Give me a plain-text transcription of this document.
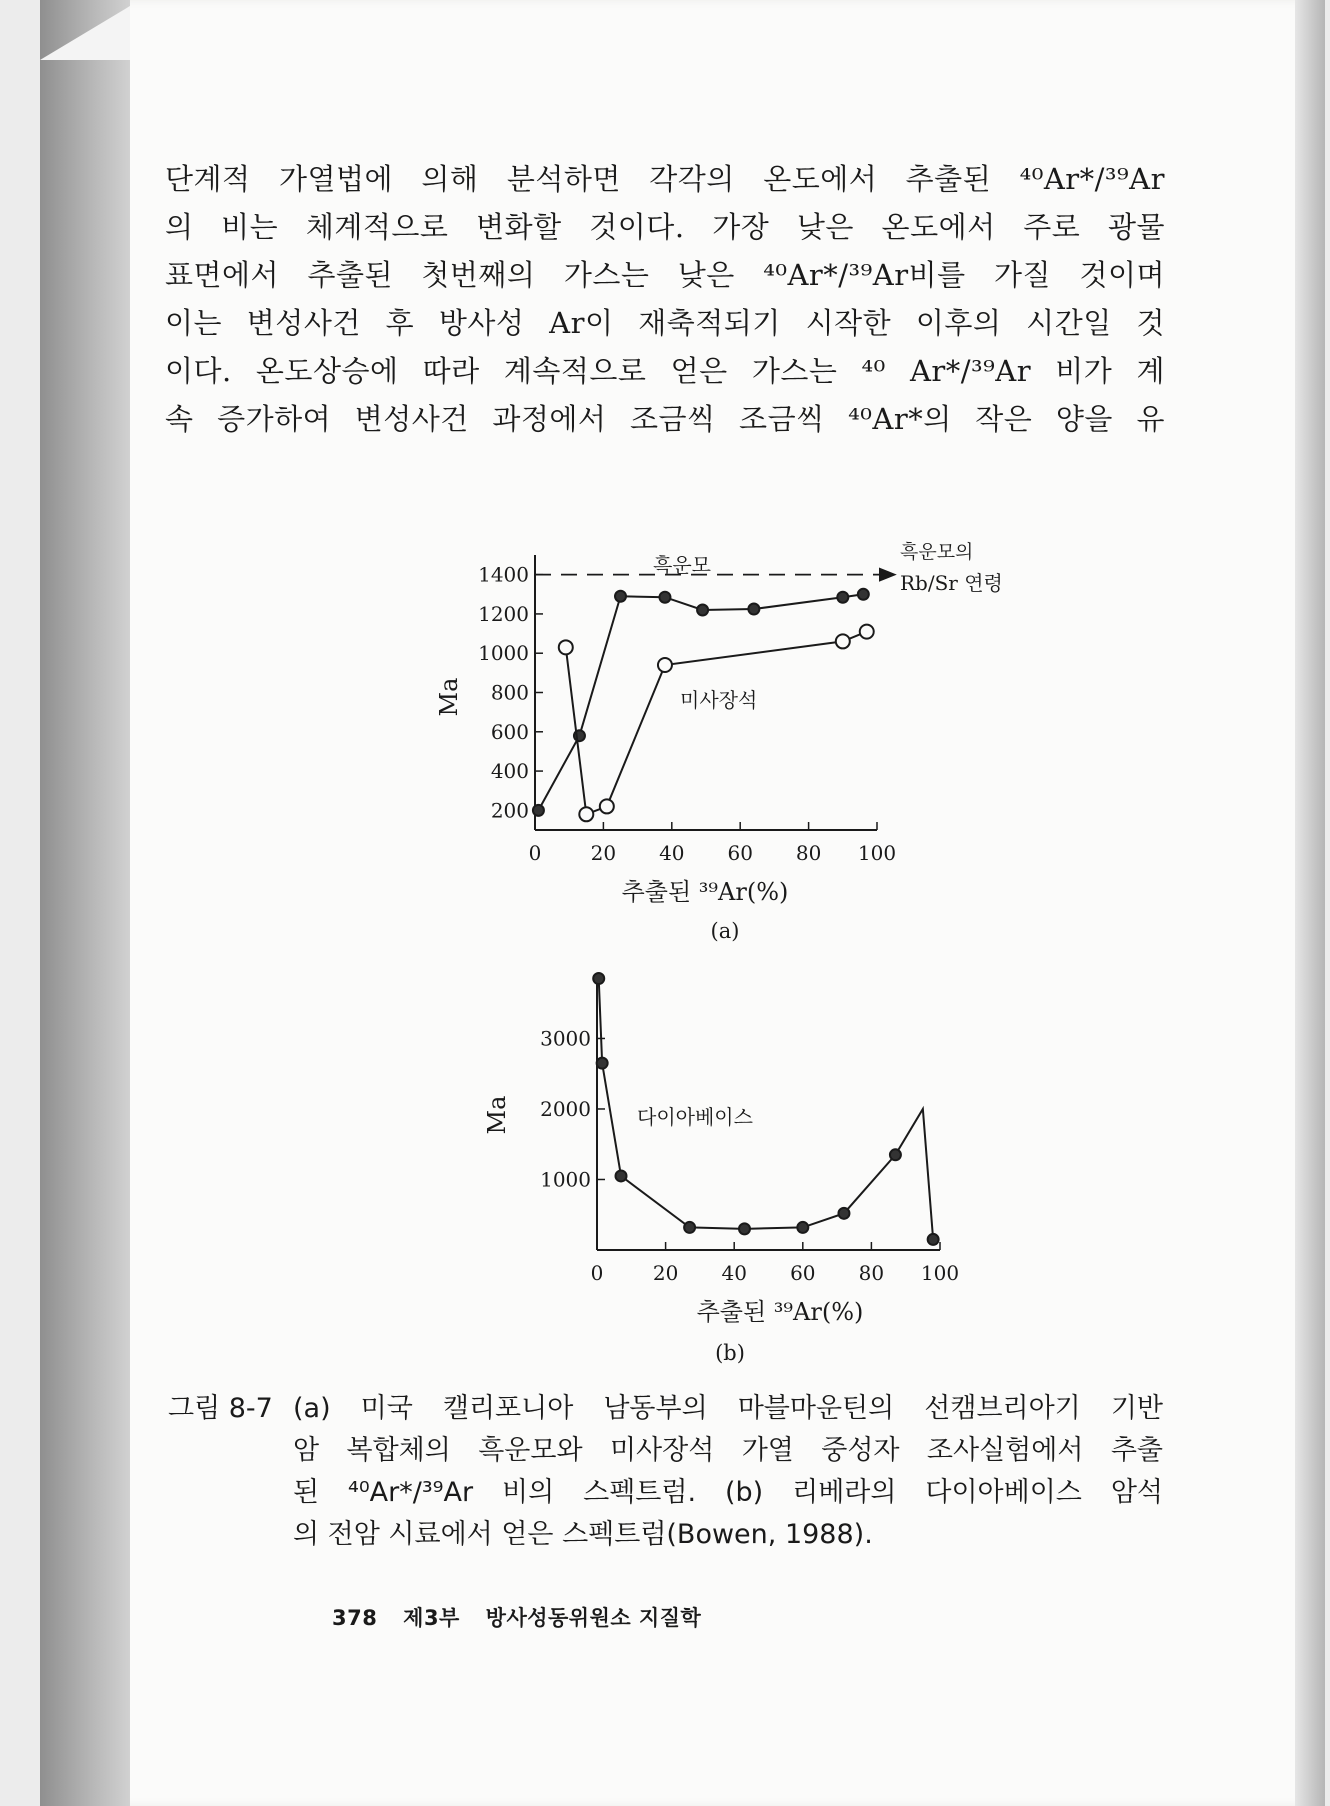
단계적 가열법에 의해 분석하면 각각의 온도에서 추출된 ⁴⁰Ar*/³⁹Ar
의 비는 체계적으로 변화할 것이다. 가장 낮은 온도에서 주로 광물
표면에서 추출된 첫번째의 가스는 낮은 ⁴⁰Ar*/³⁹Ar비를 가질 것이며
이는 변성사건 후 방사성 Ar이 재축적되기 시작한 이후의 시간일 것
이다. 온도상승에 따라 계속적으로 얻은 가스는 ⁴⁰ Ar*/³⁹Ar 비가 계
속 증가하여 변성사건 과정에서 조금씩 조금씩 ⁴⁰Ar*의 작은 양을 유
200
400
600
800
1000
1200
1400
0 20 40 60 80 100
흑운모
흑운모의
Rb/Sr 연령
미사장석
Ma
추출된 ³⁹Ar(%)
(a)
1000
2000
3000
0 20 40 60 80 100
다이아베이스
Ma
추출된 ³⁹Ar(%)
(b)
그림 8-7 (a) 미국 캘리포니아 남동부의 마블마운틴의 선캠브리아기 기반
암 복합체의 흑운모와 미사장석 가열 중성자 조사실험에서 추출
된 ⁴⁰Ar*/³⁹Ar 비의 스펙트럼. (b) 리베라의 다이아베이스 암석
의 전암 시료에서 얻은 스펙트럼(Bowen, 1988).
378 제3부 방사성동위원소 지질학
